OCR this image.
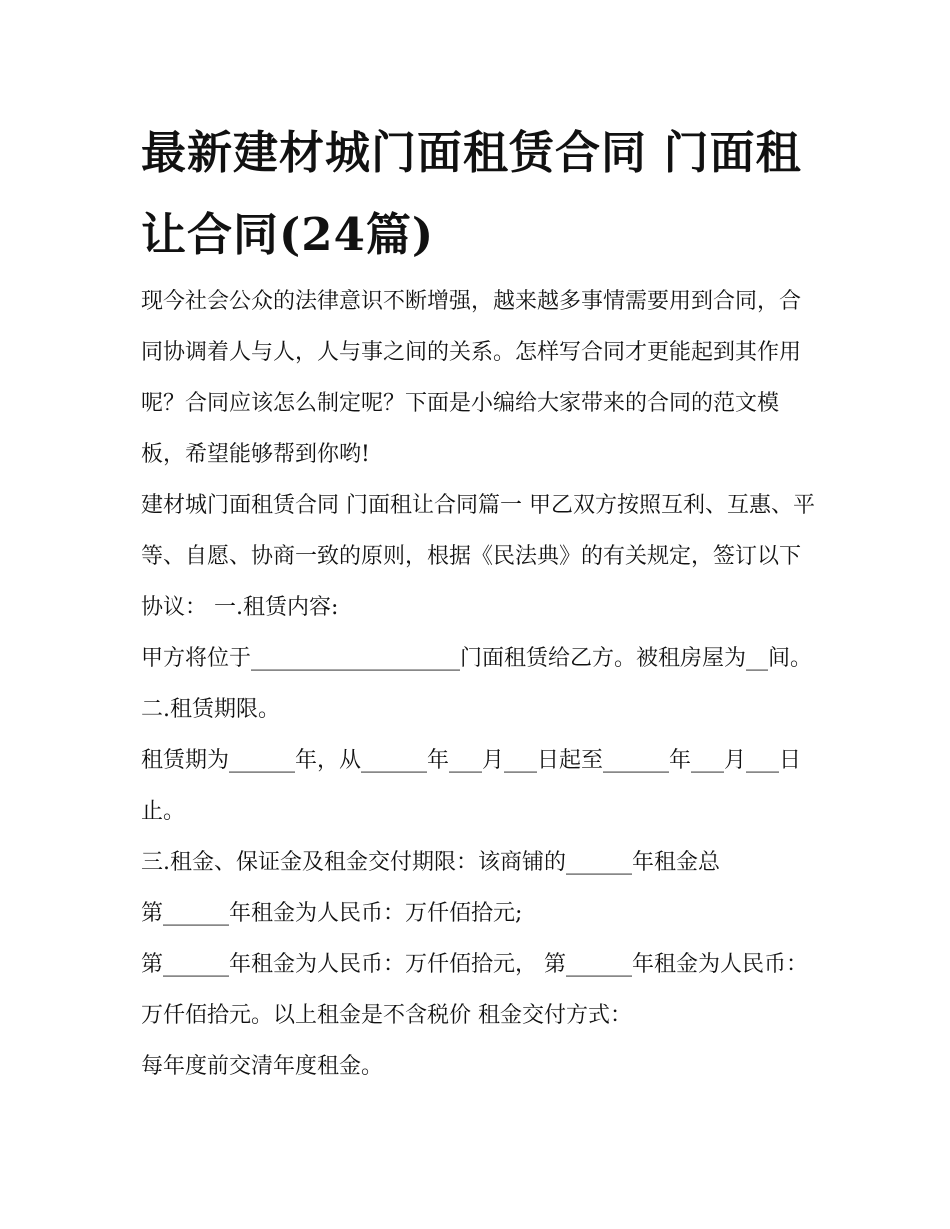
最新建材城门面租赁合同 门面租让合同(24篇)

现今社会公众的法律意识不断增强，越来越多事情需要用到合同，合同协调着人与人，人与事之间的关系。怎样写合同才更能起到其作用呢？合同应该怎么制定呢？下面是小编给大家带来的合同的范文模板，希望能够帮到你哟!

建材城门面租赁合同 门面租让合同篇一 甲乙双方按照互利、互惠、平等、自愿、协商一致的原则，根据《民法典》的有关规定，签订以下协议： 一.租赁内容:

甲方将位于___________________门面租赁给乙方。被租房屋为__间。 二.租赁期限。

租赁期为______年，从______年___月___日起至______年___月___日止。

三.租金、保证金及租金交付期限：该商铺的______年租金总

第______年租金为人民币：万仟佰拾元;

第______年租金为人民币：万仟佰拾元， 第______年租金为人民币：万仟佰拾元。以上租金是不含税价 租金交付方式：

每年度前交清年度租金。
